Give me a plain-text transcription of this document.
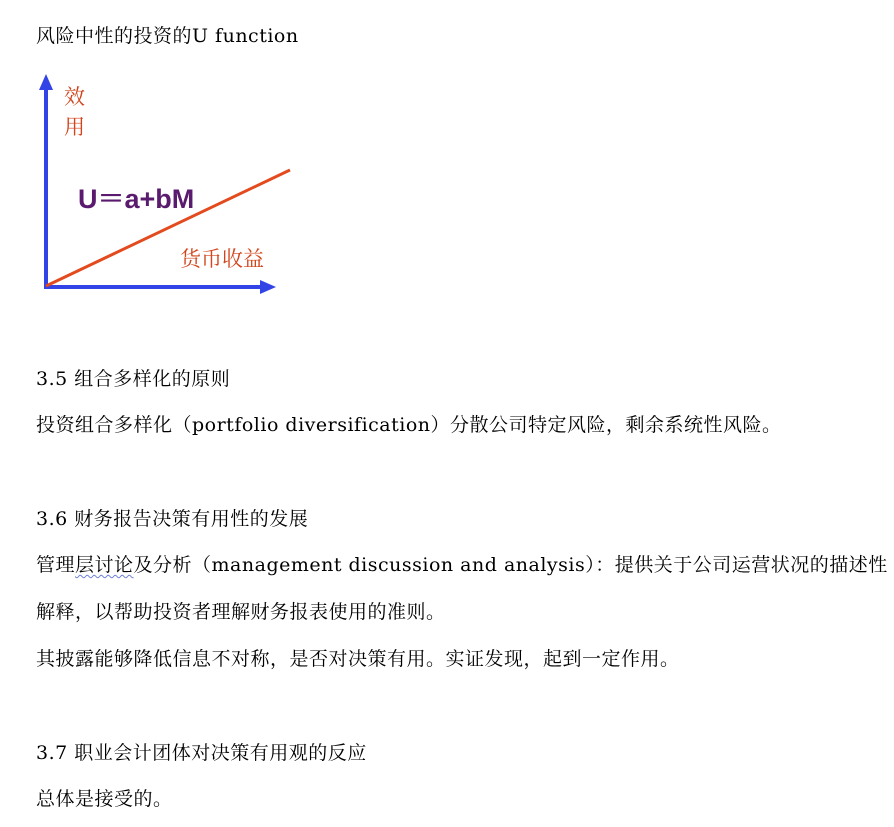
风险中性的投资的U function
效
用
U＝a+bM
货币收益
3.5 组合多样化的原则
投资组合多样化（portfolio diversification）分散公司特定风险，剩余系统性风险。
3.6 财务报告决策有用性的发展
管理层讨论及分析（management discussion and analysis）：提供关于公司运营状况的描述性
解释，以帮助投资者理解财务报表使用的准则。
其披露能够降低信息不对称，是否对决策有用。实证发现，起到一定作用。
3.7 职业会计团体对决策有用观的反应
总体是接受的。
